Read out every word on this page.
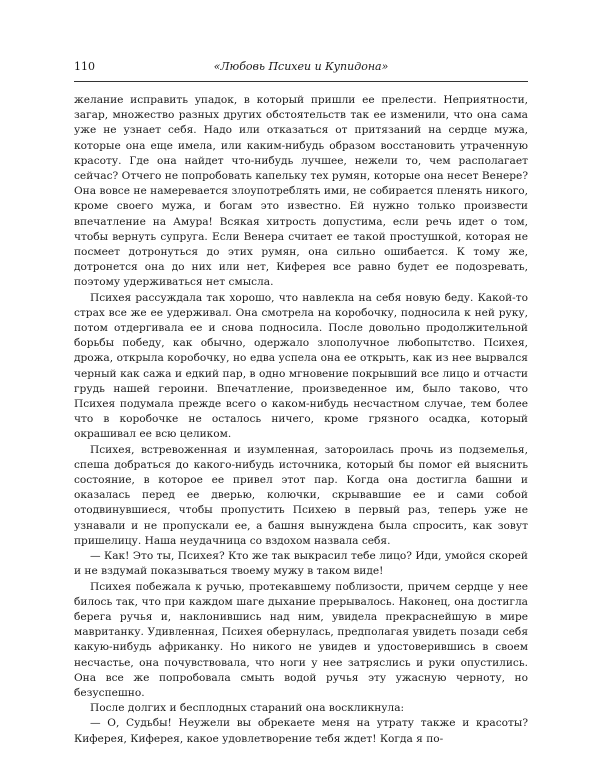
110	«Любовь Психеи и Купидона»

желание исправить упадок, в который пришли ее прелести. Неприятности, загар, множество разных других обстоятельств так ее изменили, что она сама уже не узнает себя. Надо или отказаться от притязаний на сердце мужа, которые она еще имела, или каким-нибудь образом восстановить утраченную красоту. Где она найдет что-нибудь лучшее, нежели то, чем располагает сейчас? Отчего не попробовать капельку тех румян, которые она несет Венере? Она вовсе не намеревается злоупотреблять ими, не собирается пленять никого, кроме своего мужа, и богам это известно. Ей нужно только произвести впечатление на Амура! Всякая хитрость допустима, если речь идет о том, чтобы вернуть супруга. Если Венера считает ее такой простушкой, которая не посмеет дотронуться до этих румян, она сильно ошибается. К тому же, дотронется она до них или нет, Киферея все равно будет ее подозревать, поэтому удерживаться нет смысла.

Психея рассуждала так хорошо, что навлекла на себя новую беду. Какой-то страх все же ее удерживал. Она смотрела на коробочку, подносила к ней руку, потом отдергивала ее и снова подносила. После довольно продолжительной борьбы победу, как обычно, одержало злополучное любопытство. Психея, дрожа, открыла коробочку, но едва успела она ее открыть, как из нее вырвался черный как сажа и едкий пар, в одно мгновение покрывший все лицо и отчасти грудь нашей героини. Впечатление, произведенное им, было таково, что Психея подумала прежде всего о каком-нибудь несчастном случае, тем более что в коробочке не осталось ничего, кроме грязного осадка, который окрашивал ее всю целиком.

Психея, встревоженная и изумленная, затороилась прочь из подземелья, спеша добраться до какого-нибудь источника, который бы помог ей выяснить состояние, в которое ее привел этот пар. Когда она достигла башни и оказалась перед ее дверью, колючки, скрывавшие ее и сами собой отодвинувшиеся, чтобы пропустить Психею в первый раз, теперь уже не узнавали и не пропускали ее, а башня вынуждена была спросить, как зовут пришелицу. Наша неудачница со вздохом назвала себя.

— Как! Это ты, Психея? Кто же так выкрасил тебе лицо? Иди, умойся скорей и не вздумай показываться твоему мужу в таком виде!

Психея побежала к ручью, протекавшему поблизости, причем сердце у нее билось так, что при каждом шаге дыхание прерывалось. Наконец, она достигла берега ручья и, наклонившись над ним, увидела прекраснейшую в мире мавританку. Удивленная, Психея обернулась, предполагая увидеть позади себя какую-нибудь африканку. Но никого не увидев и удостоверившись в своем несчастье, она почувствовала, что ноги у нее затряслись и руки опустились. Она все же попробовала смыть водой ручья эту ужасную черноту, но безуспешно.

После долгих и бесплодных стараний она воскликнула:

— О, Судьбы! Неужели вы обрекаете меня на утрату также и красоты? Киферея, Киферея, какое удовлетворение тебя ждет! Когда я по-
